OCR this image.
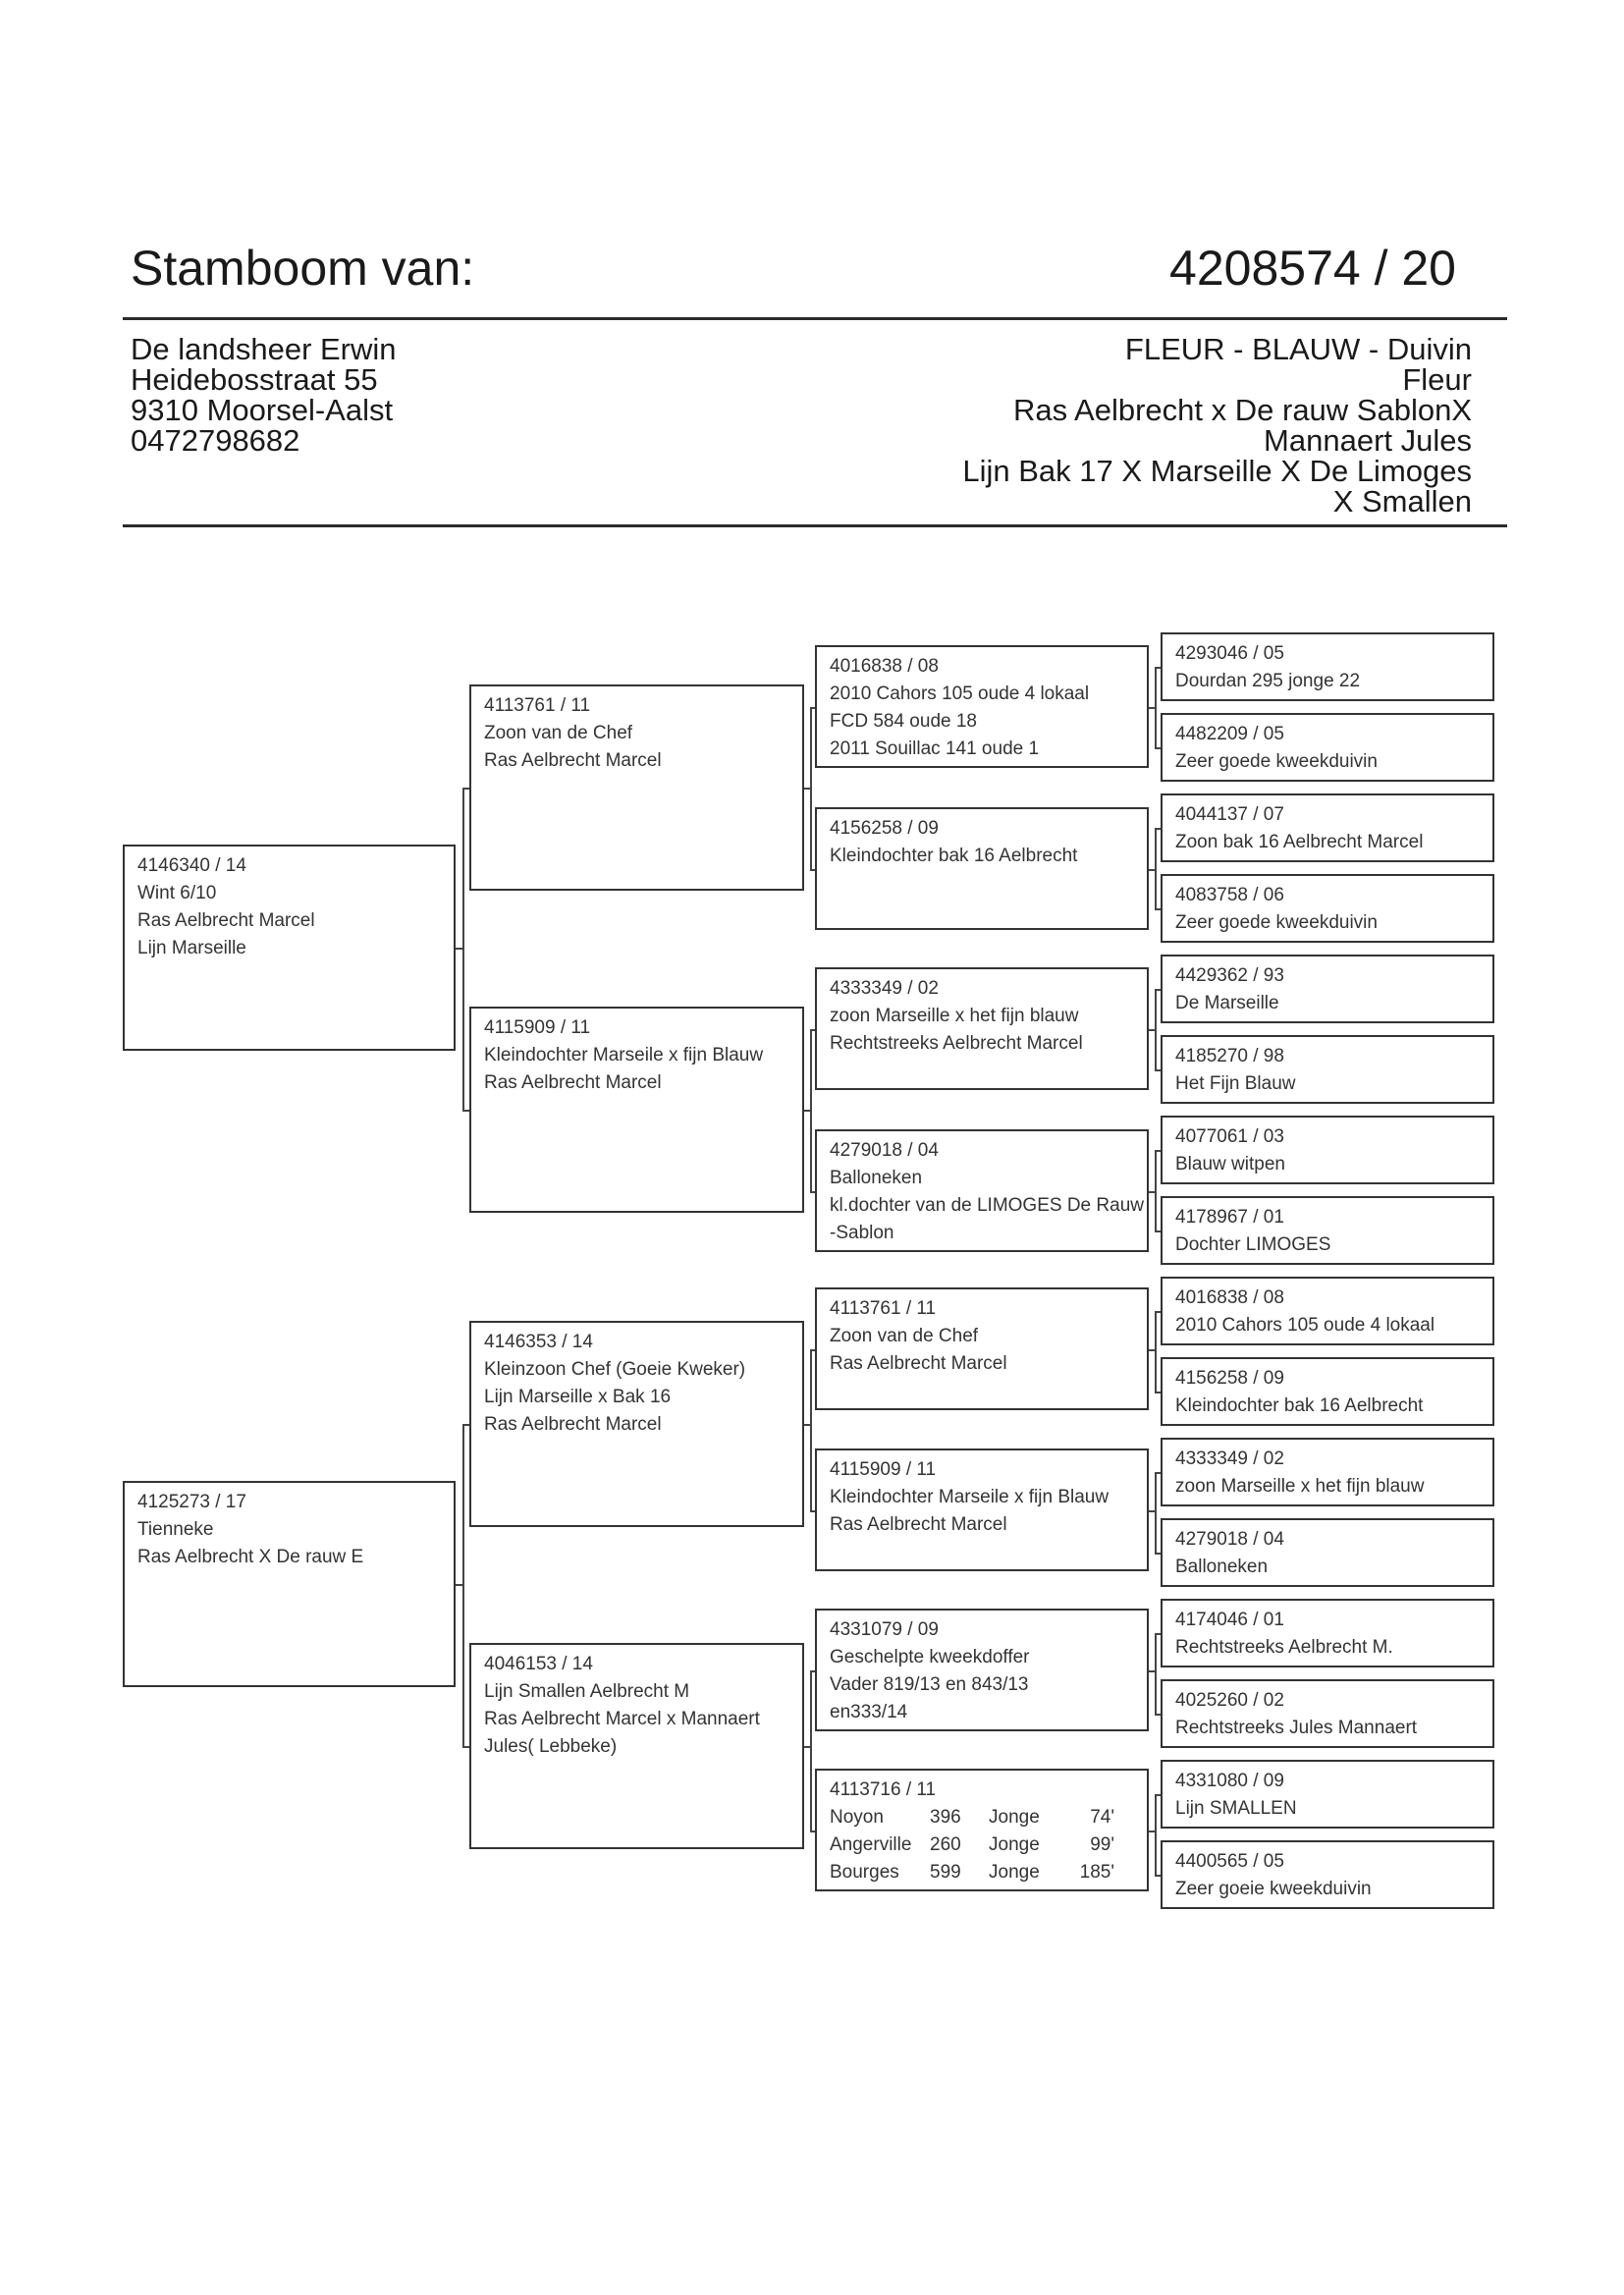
Stamboom van:	4208574 / 20
De landsheer Erwin
Heidebosstraat 55
9310 Moorsel-Aalst
0472798682
FLEUR - BLAUW - Duivin
Fleur
Ras Aelbrecht x De rauw SablonX
Mannaert Jules
Lijn Bak 17 X Marseille X De Limoges
X Smallen
4146340 / 14
Wint 6/10
Ras Aelbrecht Marcel
Lijn Marseille
4125273 / 17
Tienneke
Ras Aelbrecht X De rauw E
4113761 / 11
Zoon van de Chef
Ras Aelbrecht Marcel
4115909 / 11
Kleindochter Marseile x fijn Blauw
Ras Aelbrecht Marcel
4146353 / 14
Kleinzoon Chef (Goeie Kweker)
Lijn Marseille x Bak 16
Ras Aelbrecht Marcel
4046153 / 14
Lijn Smallen Aelbrecht M
Ras Aelbrecht Marcel x Mannaert
Jules( Lebbeke)
4016838 / 08
2010 Cahors 105 oude 4 lokaal
FCD 584 oude 18
2011 Souillac 141 oude 1
4156258 / 09
Kleindochter bak 16 Aelbrecht
4333349 / 02
zoon Marseille x het fijn blauw
Rechtstreeks Aelbrecht Marcel
4279018 / 04
Balloneken
kl.dochter van de LIMOGES De Rauw
-Sablon
4113761 / 11
Zoon van de Chef
Ras Aelbrecht Marcel
4115909 / 11
Kleindochter Marseile x fijn Blauw
Ras Aelbrecht Marcel
4331079 / 09
Geschelpte kweekdoffer
Vader 819/13 en 843/13
en333/14
4113716 / 11
Noyon	396	Jonge	74'
Angerville 260	Jonge	99'
Bourges	599	Jonge	185'
4293046 / 05
Dourdan 295 jonge 22
4482209 / 05
Zeer goede kweekduivin
4044137 / 07
Zoon bak 16 Aelbrecht Marcel
4083758 / 06
Zeer goede kweekduivin
4429362 / 93
De Marseille
4185270 / 98
Het Fijn Blauw
4077061 / 03
Blauw witpen
4178967 / 01
Dochter LIMOGES
4016838 / 08
2010 Cahors 105 oude 4 lokaal
4156258 / 09
Kleindochter bak 16 Aelbrecht
4333349 / 02
zoon Marseille x het fijn blauw
4279018 / 04
Balloneken
4174046 / 01
Rechtstreeks Aelbrecht M.
4025260 / 02
Rechtstreeks Jules Mannaert
4331080 / 09
Lijn SMALLEN
4400565 / 05
Zeer goeie kweekduivin
